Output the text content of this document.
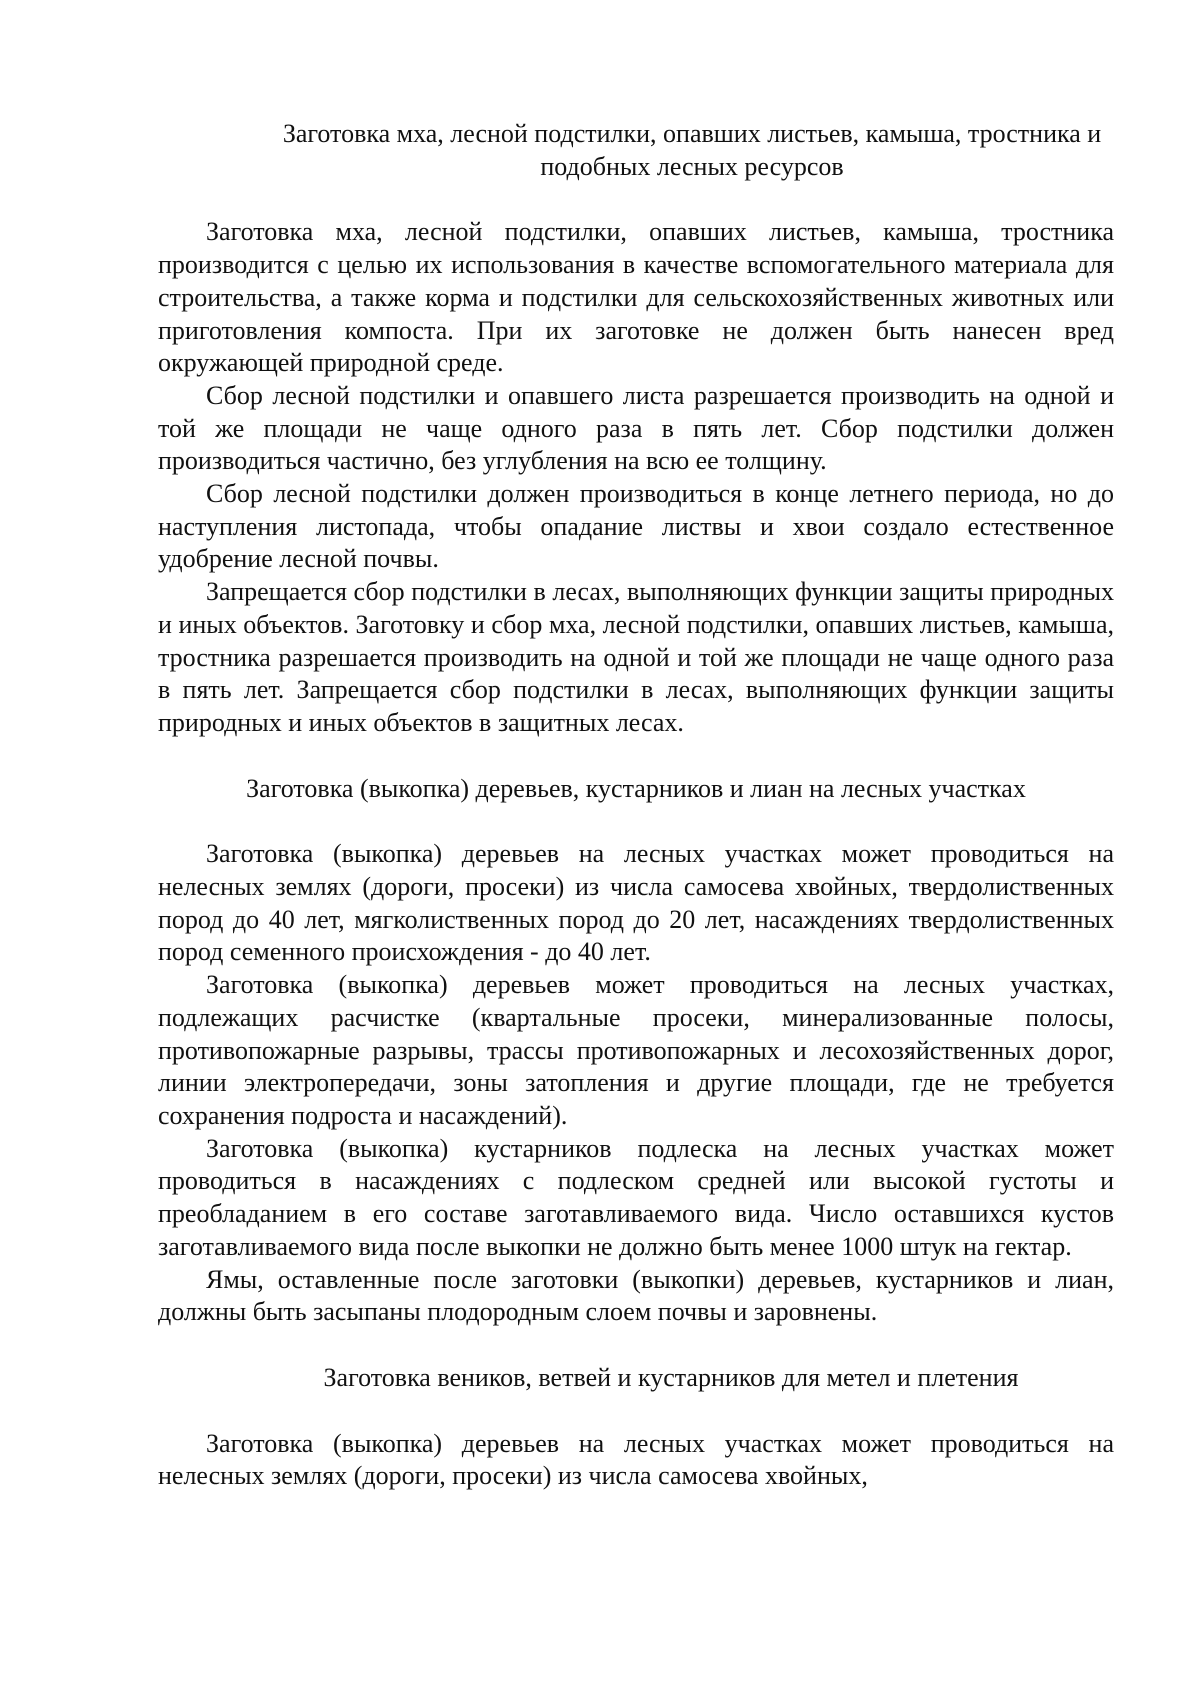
Заготовка мха, лесной подстилки, опавших листьев, камыша, тростника и подобных лесных ресурсов

Заготовка мха, лесной подстилки, опавших листьев, камыша, тростника производится с целью их использования в качестве вспомогательного материала для строительства, а также корма и подстилки для сельскохозяйственных животных или приготовления компоста. При их заготовке не должен быть нанесен вред окружающей природной среде.

Сбор лесной подстилки и опавшего листа разрешается производить на одной и той же площади не чаще одного раза в пять лет. Сбор подстилки должен производиться частично, без углубления на всю ее толщину.

Сбор лесной подстилки должен производиться в конце летнего периода, но до наступления листопада, чтобы опадание листвы и хвои создало естественное удобрение лесной почвы.

Запрещается сбор подстилки в лесах, выполняющих функции защиты природных и иных объектов. Заготовку и сбор мха, лесной подстилки, опавших листьев, камыша, тростника разрешается производить на одной и той же площади не чаще одного раза в пять лет. Запрещается сбор подстилки в лесах, выполняющих функции защиты природных и иных объектов в защитных лесах.

Заготовка (выкопка) деревьев, кустарников и лиан на лесных участках

Заготовка (выкопка) деревьев на лесных участках может проводиться на нелесных землях (дороги, просеки) из числа самосева хвойных, твердолиственных пород до 40 лет, мягколиственных пород до 20 лет, насаждениях твердолиственных пород семенного происхождения - до 40 лет.

Заготовка (выкопка) деревьев может проводиться на лесных участках, подлежащих расчистке (квартальные просеки, минерализованные полосы, противопожарные разрывы, трассы противопожарных и лесохозяйственных дорог, линии электропередачи, зоны затопления и другие площади, где не требуется сохранения подроста и насаждений).

Заготовка (выкопка) кустарников подлеска на лесных участках может проводиться в насаждениях с подлеском средней или высокой густоты и преобладанием в его составе заготавливаемого вида. Число оставшихся кустов заготавливаемого вида после выкопки не должно быть менее 1000 штук на гектар.

Ямы, оставленные после заготовки (выкопки) деревьев, кустарников и лиан, должны быть засыпаны плодородным слоем почвы и заровнены.

Заготовка веников, ветвей и кустарников для метел и плетения

Заготовка (выкопка) деревьев на лесных участках может проводиться на нелесных землях (дороги, просеки) из числа самосева хвойных,
